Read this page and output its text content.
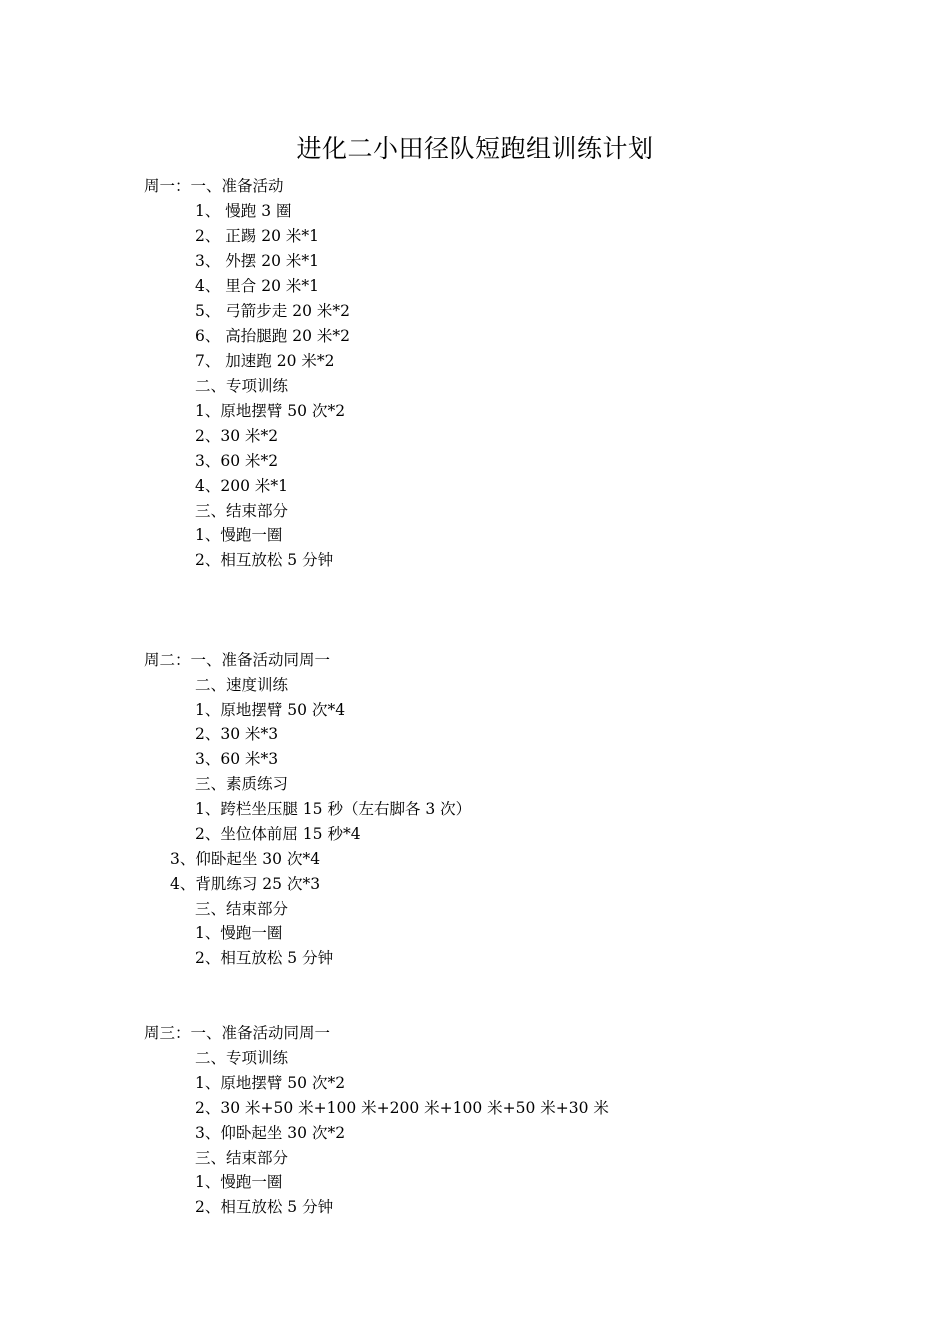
进化二小田径队短跑组训练计划
周一：一、准备活动
1、 慢跑 3 圈
2、 正踢 20 米*1
3、 外摆 20 米*1
4、 里合 20 米*1
5、 弓箭步走 20 米*2
6、 高抬腿跑 20 米*2
7、 加速跑 20 米*2
二、专项训练
1、原地摆臂 50 次*2
2、30 米*2
3、60 米*2
4、200 米*1
三、结束部分
1、慢跑一圈
2、相互放松 5 分钟
周二：一、准备活动同周一
二、速度训练
1、原地摆臂 50 次*4
2、30 米*3
3、60 米*3
三、素质练习
1、跨栏坐压腿 15 秒（左右脚各 3 次）
2、坐位体前屈 15 秒*4
3、仰卧起坐 30 次*4
4、背肌练习 25 次*3
三、结束部分
1、慢跑一圈
2、相互放松 5 分钟
周三：一、准备活动同周一
二、专项训练
1、原地摆臂 50 次*2
2、30 米+50 米+100 米+200 米+100 米+50 米+30 米
3、仰卧起坐 30 次*2
三、结束部分
1、慢跑一圈
2、相互放松 5 分钟
